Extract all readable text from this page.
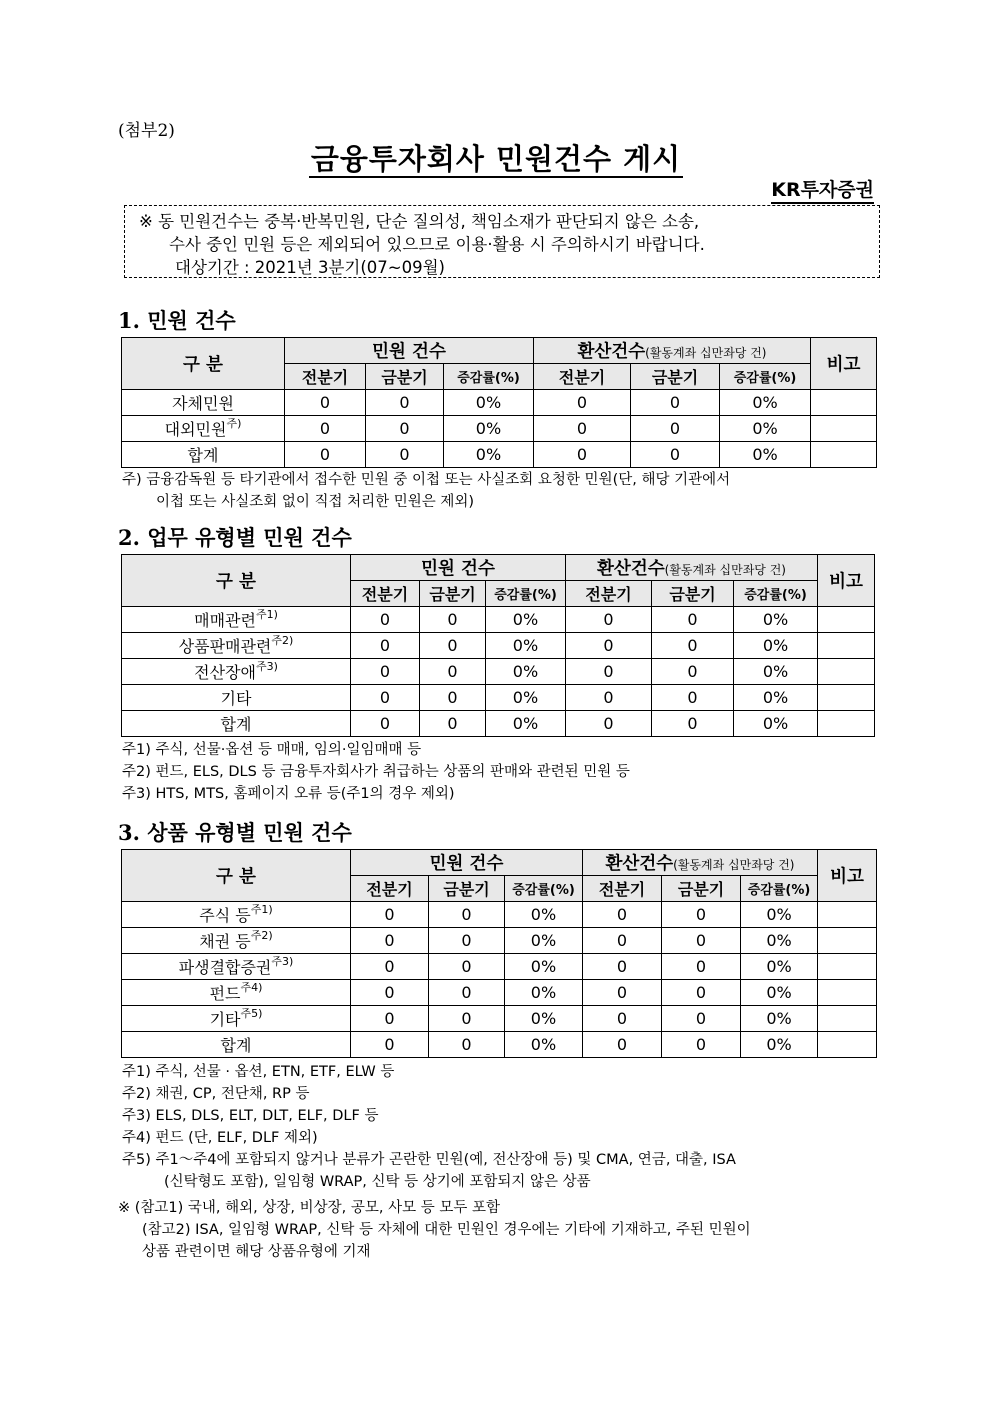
(첨부2)
금융투자회사 민원건수 게시
KR투자증권
※ 동 민원건수는 중복·반복민원, 단순 질의성, 책임소재가 판단되지 않은 소송,
수사 중인 민원 등은 제외되어 있으므로 이용·활용 시 주의하시기 바랍니다.
대상기간 : 2021년 3분기(07~09월)
1. 민원 건수
구 분	민원 건수			환산건수(활동계좌 십만좌당 건)			비고
	전분기	금분기	증감률(%)	전분기	금분기	증감률(%)	
자체민원	0	0	0%	0	0	0%	
대외민원$^{주)}$	0	0	0%	0	0	0%	
합계	0	0	0%	0	0	0%	
주) 금융감독원 등 타기관에서 접수한 민원 중 이첩 또는 사실조회 요청한 민원(단, 해당 기관에서
이첩 또는 사실조회 없이 직접 처리한 민원은 제외)
2. 업무 유형별 민원 건수
구 분	민원 건수			환산건수(활동계좌 십만좌당 건)			비고
	전분기	금분기	증감률(%)	전분기	금분기	증감률(%)	
매매관련$^{주1)}$	0	0	0%	0	0	0%	
상품판매관련$^{주2)}$	0	0	0%	0	0	0%	
전산장애$^{주3)}$	0	0	0%	0	0	0%	
기타	0	0	0%	0	0	0%	
합계	0	0	0%	0	0	0%	
주1) 주식, 선물·옵션 등 매매, 임의·일임매매 등
주2) 펀드, ELS, DLS 등 금융투자회사가 취급하는 상품의 판매와 관련된 민원 등
주3) HTS, MTS, 홈페이지 오류 등(주1의 경우 제외)
3. 상품 유형별 민원 건수
구 분	민원 건수			환산건수(활동계좌 십만좌당 건)			비고
	전분기	금분기	증감률(%)	전분기	금분기	증감률(%)	
주식 등$^{주1)}$	0	0	0%	0	0	0%	
채권 등$^{주2)}$	0	0	0%	0	0	0%	
파생결합증권$^{주3)}$	0	0	0%	0	0	0%	
펀드$^{주4)}$	0	0	0%	0	0	0%	
기타$^{주5)}$	0	0	0%	0	0	0%	
합계	0	0	0%	0	0	0%	
주1) 주식, 선물 · 옵션, ETN, ETF, ELW 등
주2) 채권, CP, 전단채, RP 등
주3) ELS, DLS, ELT, DLT, ELF, DLF 등
주4) 펀드 (단, ELF, DLF 제외)
주5) 주1～주4에 포함되지 않거나 분류가 곤란한 민원(예, 전산장애 등) 및 CMA, 연금, 대출, ISA
(신탁형도 포함), 일임형 WRAP, 신탁 등 상기에 포함되지 않은 상품
※ (참고1) 국내, 해외, 상장, 비상장, 공모, 사모 등 모두 포함
(참고2) ISA, 일임형 WRAP, 신탁 등 자체에 대한 민원인 경우에는 기타에 기재하고, 주된 민원이
상품 관련이면 해당 상품유형에 기재
